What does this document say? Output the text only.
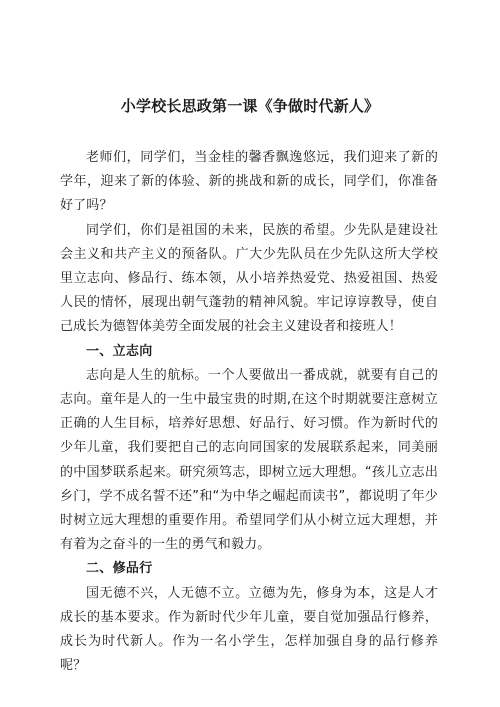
小学校长思政第一课《争做时代新人》

老师们，同学们，当金桂的馨香飘逸悠远，我们迎来了新的学年，迎来了新的体验、新的挑战和新的成长，同学们，你准备好了吗？

同学们，你们是祖国的未来，民族的希望。少先队是建设社会主义和共产主义的预备队。广大少先队员在少先队这所大学校里立志向、修品行、练本领，从小培养热爱党、热爱祖国、热爱人民的情怀，展现出朝气蓬勃的精神风貌。牢记谆谆教导，使自己成长为德智体美劳全面发展的社会主义建设者和接班人！

一、立志向

志向是人生的航标。一个人要做出一番成就，就要有自己的志向。童年是人的一生中最宝贵的时期,在这个时期就要注意树立正确的人生目标，培养好思想、好品行、好习惯。作为新时代的少年儿童，我们要把自己的志向同国家的发展联系起来，同美丽的中国梦联系起来。研究须笃志，即树立远大理想。“孩儿立志出乡门，学不成名誓不还”和“为中华之崛起而读书”，都说明了年少时树立远大理想的重要作用。希望同学们从小树立远大理想，并有着为之奋斗的一生的勇气和毅力。

二、修品行

国无德不兴，人无德不立。立德为先，修身为本，这是人才成长的基本要求。作为新时代少年儿童，要自觉加强品行修养，成长为时代新人。作为一名小学生，怎样加强自身的品行修养呢？
